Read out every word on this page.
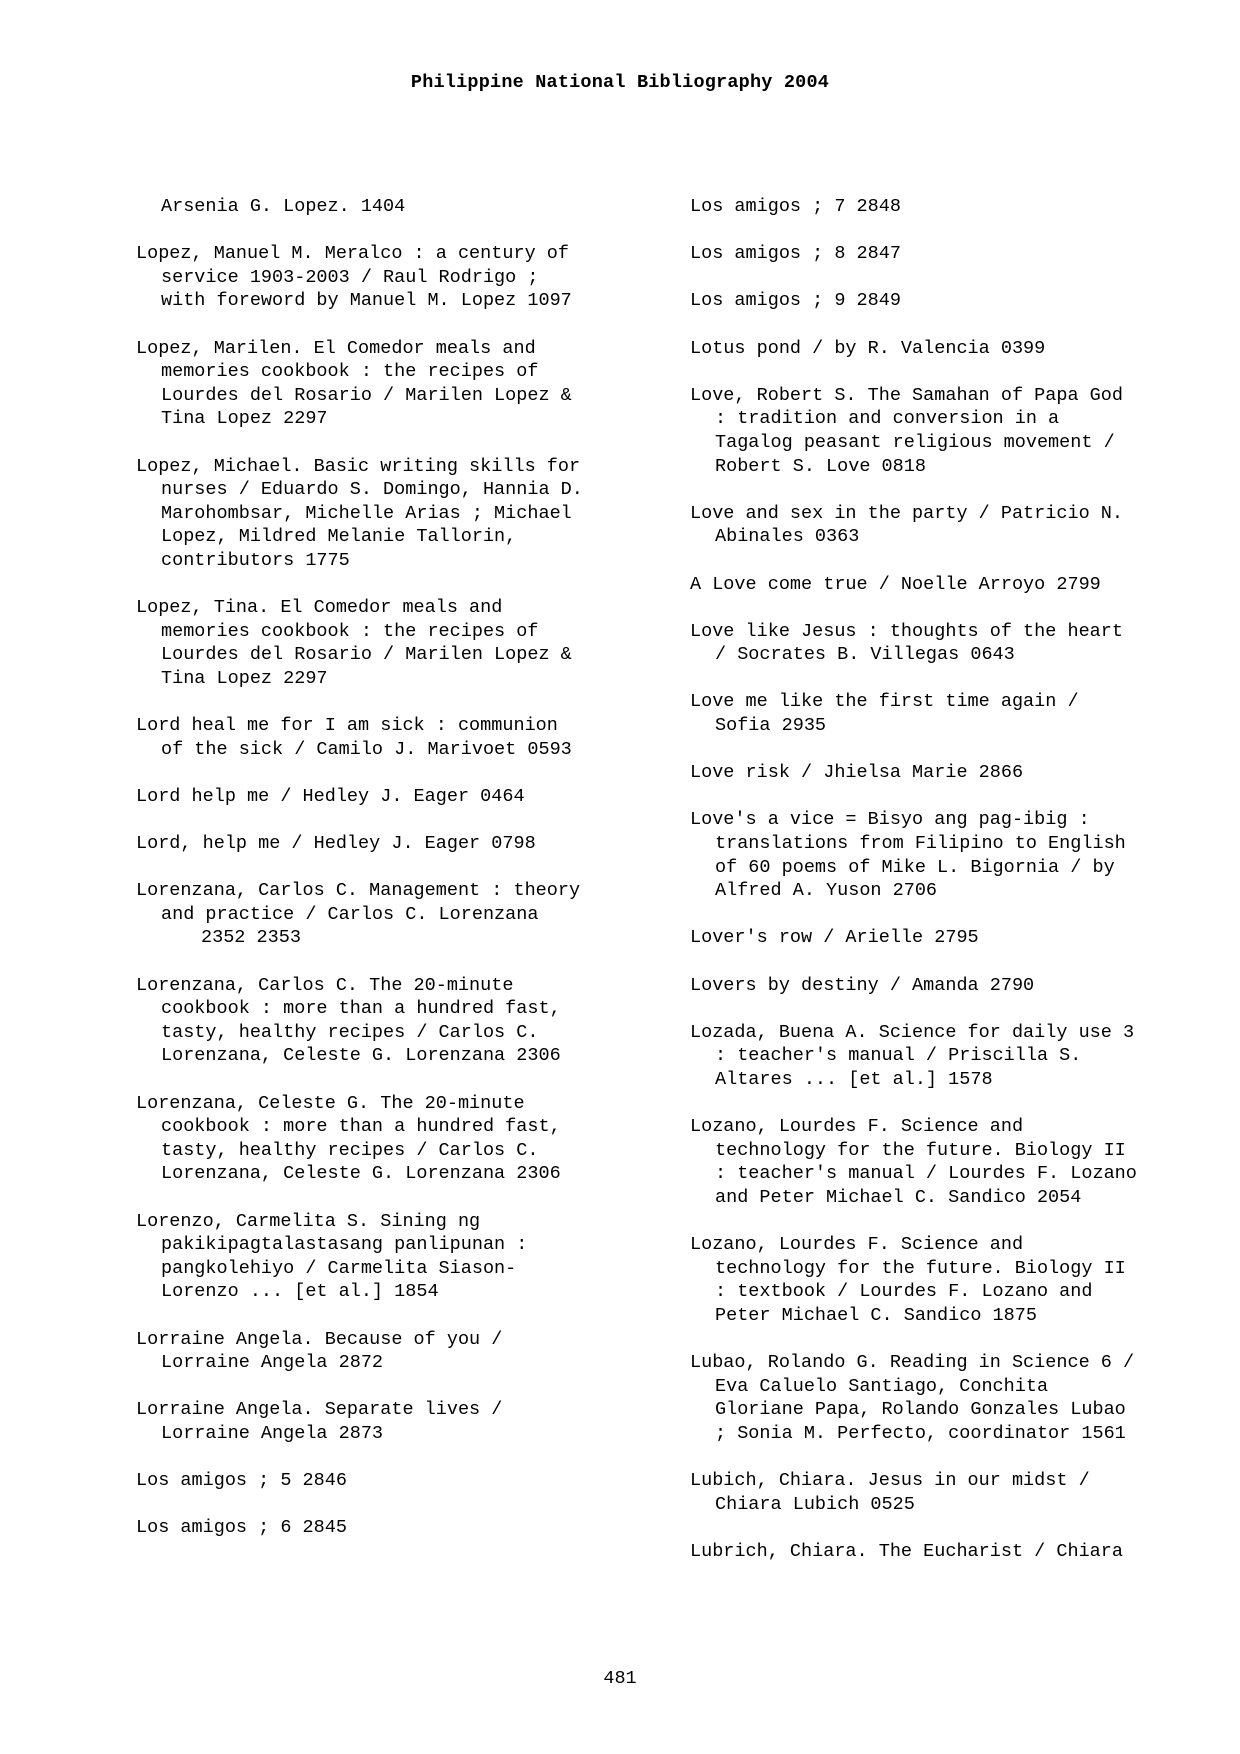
Philippine National Bibliography 2004
Arsenia G. Lopez. 1404
Lopez, Manuel M. Meralco : a century of
service 1903-2003 / Raul Rodrigo ;
with foreword by Manuel M. Lopez 1097
Lopez, Marilen. El Comedor meals and
memories cookbook : the recipes of
Lourdes del Rosario / Marilen Lopez &
Tina Lopez 2297
Lopez, Michael. Basic writing skills for
nurses / Eduardo S. Domingo, Hannia D.
Marohombsar, Michelle Arias ; Michael
Lopez, Mildred Melanie Tallorin,
contributors 1775
Lopez, Tina. El Comedor meals and
memories cookbook : the recipes of
Lourdes del Rosario / Marilen Lopez &
Tina Lopez 2297
Lord heal me for I am sick : communion
of the sick / Camilo J. Marivoet 0593
Lord help me / Hedley J. Eager 0464
Lord, help me / Hedley J. Eager 0798
Lorenzana, Carlos C. Management : theory
and practice / Carlos C. Lorenzana
2352 2353
Lorenzana, Carlos C. The 20-minute
cookbook : more than a hundred fast,
tasty, healthy recipes / Carlos C.
Lorenzana, Celeste G. Lorenzana 2306
Lorenzana, Celeste G. The 20-minute
cookbook : more than a hundred fast,
tasty, healthy recipes / Carlos C.
Lorenzana, Celeste G. Lorenzana 2306
Lorenzo, Carmelita S. Sining ng
pakikipagtalastasang panlipunan :
pangkolehiyo / Carmelita Siason-
Lorenzo ... [et al.] 1854
Lorraine Angela. Because of you /
Lorraine Angela 2872
Lorraine Angela. Separate lives /
Lorraine Angela 2873
Los amigos ; 5 2846
Los amigos ; 6 2845
Los amigos ; 7 2848
Los amigos ; 8 2847
Los amigos ; 9 2849
Lotus pond / by R. Valencia 0399
Love, Robert S. The Samahan of Papa God
: tradition and conversion in a
Tagalog peasant religious movement /
Robert S. Love 0818
Love and sex in the party / Patricio N.
Abinales 0363
A Love come true / Noelle Arroyo 2799
Love like Jesus : thoughts of the heart
/ Socrates B. Villegas 0643
Love me like the first time again /
Sofia 2935
Love risk / Jhielsa Marie 2866
Love's a vice = Bisyo ang pag-ibig :
translations from Filipino to English
of 60 poems of Mike L. Bigornia / by
Alfred A. Yuson 2706
Lover's row / Arielle 2795
Lovers by destiny / Amanda 2790
Lozada, Buena A. Science for daily use 3
: teacher's manual / Priscilla S.
Altares ... [et al.] 1578
Lozano, Lourdes F. Science and
technology for the future. Biology II
: teacher's manual / Lourdes F. Lozano
and Peter Michael C. Sandico 2054
Lozano, Lourdes F. Science and
technology for the future. Biology II
: textbook / Lourdes F. Lozano and
Peter Michael C. Sandico 1875
Lubao, Rolando G. Reading in Science 6 /
Eva Caluelo Santiago, Conchita
Gloriane Papa, Rolando Gonzales Lubao
; Sonia M. Perfecto, coordinator 1561
Lubich, Chiara. Jesus in our midst /
Chiara Lubich 0525
Lubrich, Chiara. The Eucharist / Chiara
481
